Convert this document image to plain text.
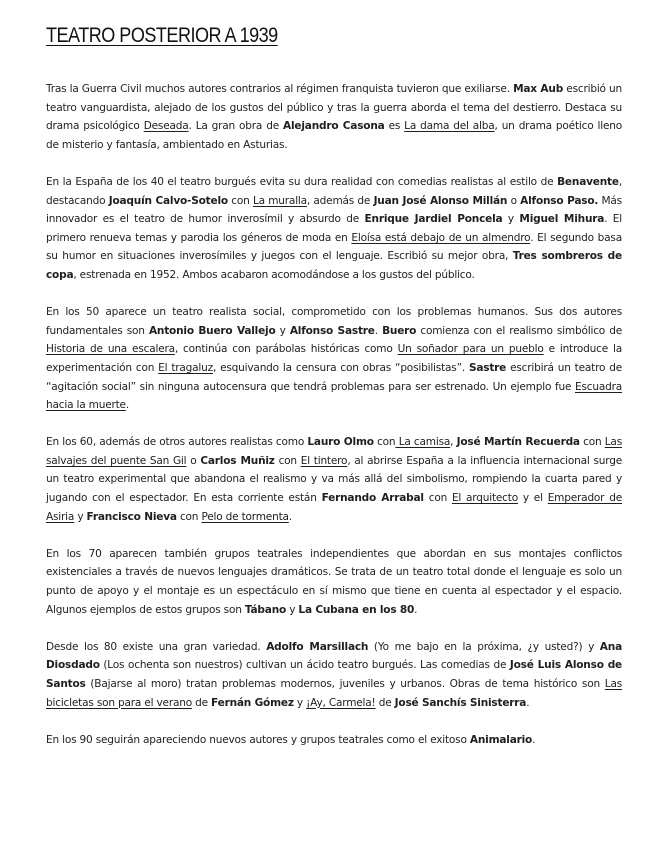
TEATRO POSTERIOR A 1939

Tras la Guerra Civil muchos autores contrarios al régimen franquista tuvieron que exiliarse. Max Aub escribió un teatro vanguardista, alejado de los gustos del público y tras la guerra aborda el tema del destierro. Destaca su drama psicológico Deseada. La gran obra de Alejandro Casona es La dama del alba, un drama poético lleno de misterio y fantasía, ambientado en Asturias.

En la España de los 40 el teatro burgués evita su dura realidad con comedias realistas al estilo de Benavente, destacando Joaquín Calvo-Sotelo con La muralla, además de Juan José Alonso Millán o Alfonso Paso. Más innovador es el teatro de humor inverosímil y absurdo de Enrique Jardiel Poncela y Miguel Mihura. El primero renueva temas y parodia los géneros de moda en Eloísa está debajo de un almendro. El segundo basa su humor en situaciones inverosímiles y juegos con el lenguaje. Escribió su mejor obra, Tres sombreros de copa, estrenada en 1952. Ambos acabaron acomodándose a los gustos del público.

En los 50 aparece un teatro realista social, comprometido con los problemas humanos. Sus dos autores fundamentales son Antonio Buero Vallejo y Alfonso Sastre. Buero comienza con el realismo simbólico de Historia de una escalera, continúa con parábolas históricas como Un soñador para un pueblo e introduce la experimentación con El tragaluz, esquivando la censura con obras “posibilistas”. Sastre escribirá un teatro de “agitación social” sin ninguna autocensura que tendrá problemas para ser estrenado. Un ejemplo fue Escuadra hacia la muerte.

En los 60, además de otros autores realistas como Lauro Olmo con La camisa, José Martín Recuerda con Las salvajes del puente San Gil o Carlos Muñiz con El tintero, al abrirse España a la influencia internacional surge un teatro experimental que abandona el realismo y va más allá del simbolismo, rompiendo la cuarta pared y jugando con el espectador. En esta corriente están Fernando Arrabal con El arquitecto y el Emperador de Asiria y Francisco Nieva con Pelo de tormenta.

En los 70 aparecen también grupos teatrales independientes que abordan en sus montajes conflictos existenciales a través de nuevos lenguajes dramáticos. Se trata de un teatro total donde el lenguaje es solo un punto de apoyo y el montaje es un espectáculo en sí mismo que tiene en cuenta al espectador y el espacio. Algunos ejemplos de estos grupos son Tábano y La Cubana en los 80.

Desde los 80 existe una gran variedad. Adolfo Marsillach (Yo me bajo en la próxima, ¿y usted?) y Ana Diosdado (Los ochenta son nuestros) cultivan un ácido teatro burgués. Las comedias de José Luis Alonso de Santos (Bajarse al moro) tratan problemas modernos, juveniles y urbanos. Obras de tema histórico son Las bicicletas son para el verano de Fernán Gómez y ¡Ay, Carmela! de José Sanchís Sinisterra.

En los 90 seguirán apareciendo nuevos autores y grupos teatrales como el exitoso Animalario.
